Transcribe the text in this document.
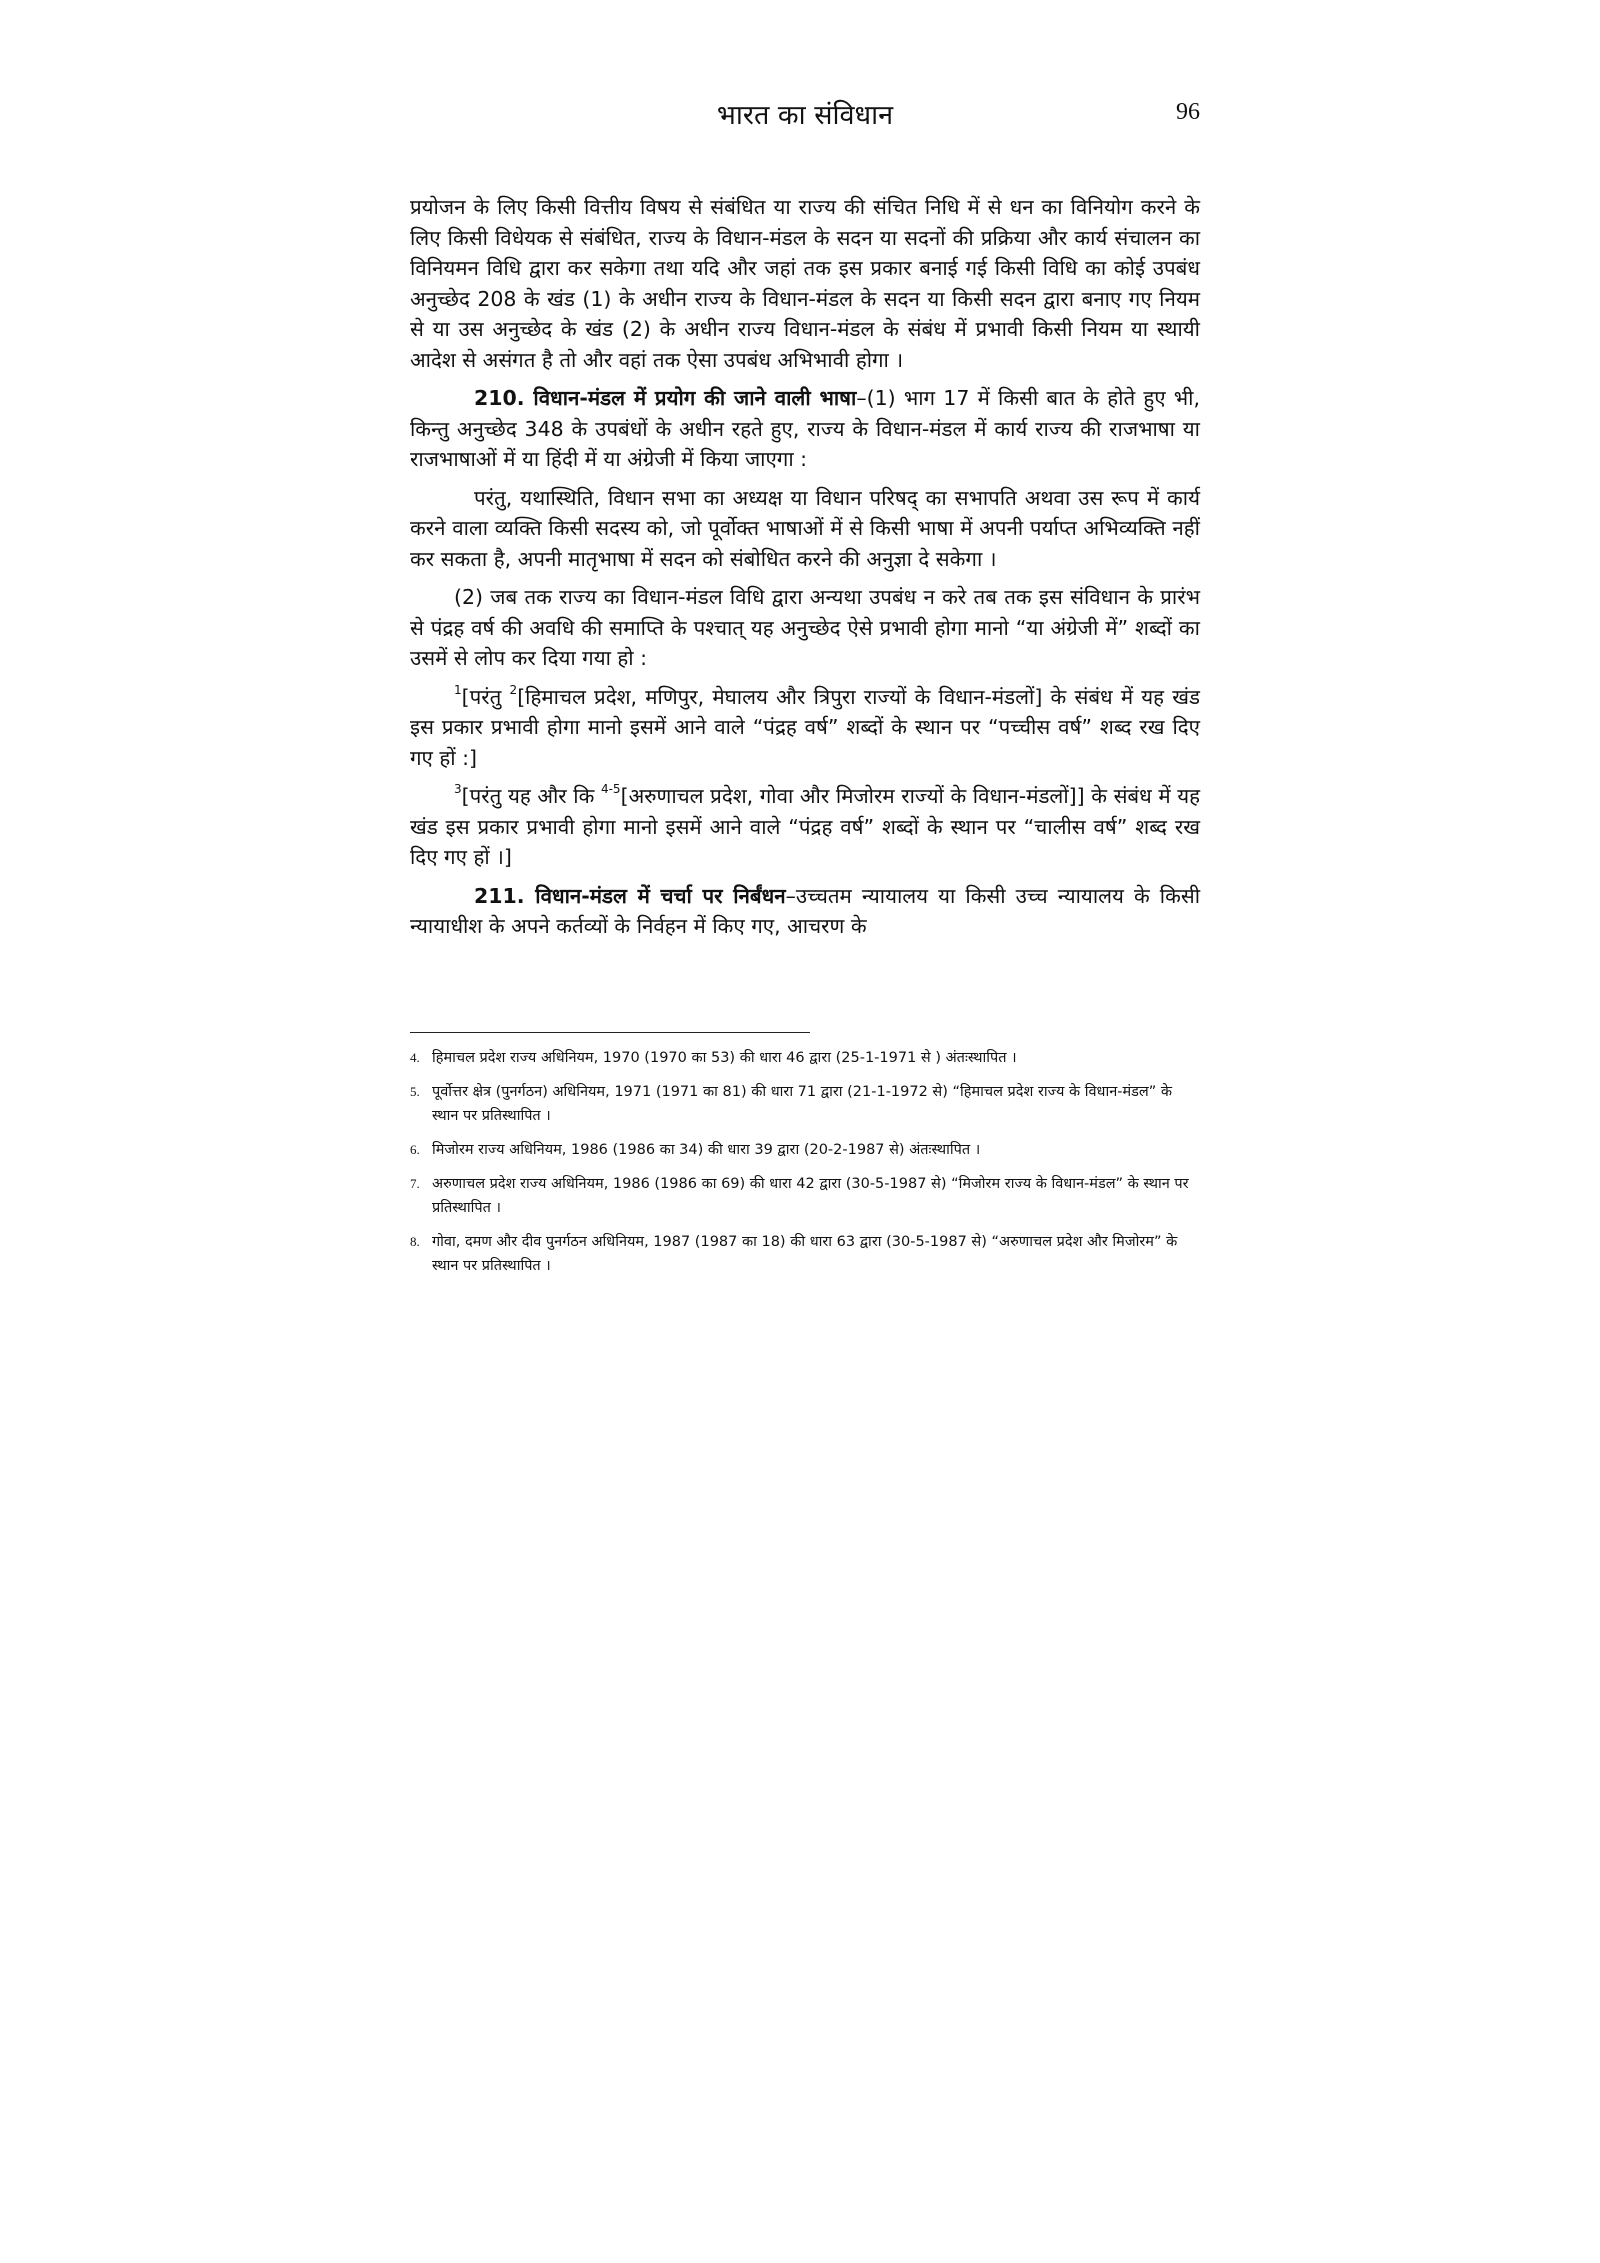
भारत का संविधान	96

प्रयोजन के लिए किसी वित्तीय विषय से संबंधित या राज्य की संचित निधि में से धन का विनियोग करने के लिए किसी विधेयक से संबंधित, राज्य के विधान-मंडल के सदन या सदनों की प्रक्रिया और कार्य संचालन का विनियमन विधि द्वारा कर सकेगा तथा यदि और जहां तक इस प्रकार बनाई गई किसी विधि का कोई उपबंध अनुच्छेद 208 के खंड (1) के अधीन राज्य के विधान-मंडल के सदन या किसी सदन द्वारा बनाए गए नियम से या उस अनुच्छेद के खंड (2) के अधीन राज्य विधान-मंडल के संबंध में प्रभावी किसी नियम या स्थायी आदेश से असंगत है तो और वहां तक ऐसा उपबंध अभिभावी होगा ।

210. विधान-मंडल में प्रयोग की जाने वाली भाषा–(1) भाग 17 में किसी बात के होते हुए भी, किन्तु अनुच्छेद 348 के उपबंधों के अधीन रहते हुए, राज्य के विधान-मंडल में कार्य राज्य की राजभाषा या राजभाषाओं में या हिंदी में या अंग्रेजी में किया जाएगा :

परंतु, यथास्थिति, विधान सभा का अध्यक्ष या विधान परिषद् का सभापति अथवा उस रूप में कार्य करने वाला व्यक्ति किसी सदस्य को, जो पूर्वोक्त भाषाओं में से किसी भाषा में अपनी पर्याप्त अभिव्यक्ति नहीं कर सकता है, अपनी मातृभाषा में सदन को संबोधित करने की अनुज्ञा दे सकेगा ।

(2) जब तक राज्य का विधान-मंडल विधि द्वारा अन्यथा उपबंध न करे तब तक इस संविधान के प्रारंभ से पंद्रह वर्ष की अवधि की समाप्ति के पश्चात् यह अनुच्छेद ऐसे प्रभावी होगा मानो “या अंग्रेजी में” शब्दों का उसमें से लोप कर दिया गया हो :

$^1$[परंतु $^2$[हिमाचल प्रदेश, मणिपुर, मेघालय और त्रिपुरा राज्यों के विधान-मंडलों] के संबंध में यह खंड इस प्रकार प्रभावी होगा मानो इसमें आने वाले “पंद्रह वर्ष” शब्दों के स्थान पर “पच्चीस वर्ष” शब्द रख दिए गए हों :]

$^3$[परंतु यह और कि $^{4-5}$[अरुणाचल प्रदेश, गोवा और मिजोरम राज्यों के विधान-मंडलों]] के संबंध में यह खंड इस प्रकार प्रभावी होगा मानो इसमें आने वाले “पंद्रह वर्ष” शब्दों के स्थान पर “चालीस वर्ष” शब्द रख दिए गए हों ।]

211. विधान-मंडल में चर्चा पर निर्बंधन–उच्चतम न्यायालय या किसी उच्च न्यायालय के किसी न्यायाधीश के अपने कर्तव्यों के निर्वहन में किए गए, आचरण के

4. हिमाचल प्रदेश राज्य अधिनियम, 1970 (1970 का 53) की धारा 46 द्वारा (25-1-1971 से ) अंतःस्थापित ।
5. पूर्वोत्तर क्षेत्र (पुनर्गठन) अधिनियम, 1971 (1971 का 81) की धारा 71 द्वारा (21-1-1972 से) “हिमाचल प्रदेश राज्य के विधान-मंडल” के स्थान पर प्रतिस्थापित ।
6. मिजोरम राज्य अधिनियम, 1986 (1986 का 34) की धारा 39 द्वारा (20-2-1987 से) अंतःस्थापित ।
7. अरुणाचल प्रदेश राज्य अधिनियम, 1986 (1986 का 69) की धारा 42 द्वारा (30-5-1987 से) “मिजोरम राज्य के विधान-मंडल” के स्थान पर प्रतिस्थापित ।
8. गोवा, दमण और दीव पुनर्गठन अधिनियम, 1987 (1987 का 18) की धारा 63 द्वारा (30-5-1987 से) “अरुणाचल प्रदेश और मिजोरम” के स्थान पर प्रतिस्थापित ।
